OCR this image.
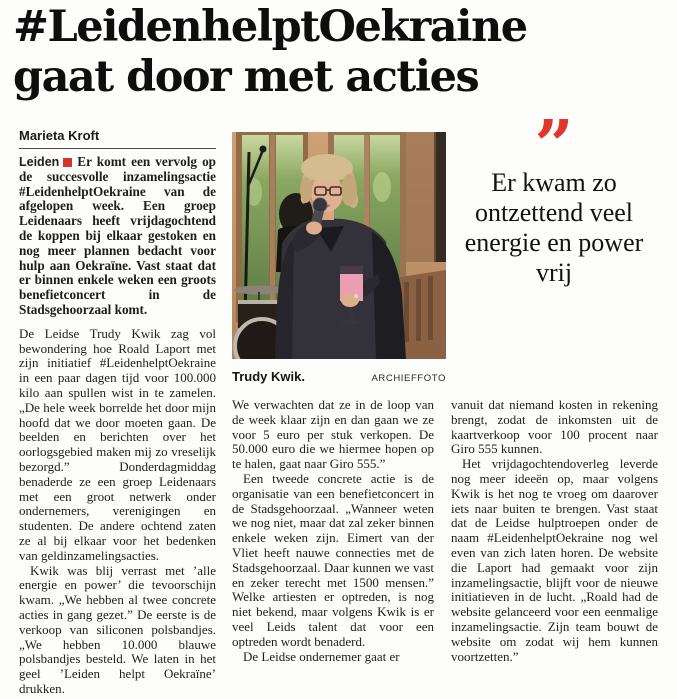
#LeidenhelptOekraine
gaat door met acties
Marieta Kroft

Leiden Er komt een vervolg op de succesvolle inzamelingsactie #LeidenhelptOekraine van de afgelopen week. Een groep Leidenaars heeft vrijdagochtend de koppen bij elkaar gestoken en nog meer plannen bedacht voor hulp aan Oekraïne. Vast staat dat er binnen enkele weken een groots benefietconcert in de Stadsgehoorzaal komt.

De Leidse Trudy Kwik zag vol bewondering hoe Roald Laport met zijn initiatief #LeidenhelptOekraine in een paar dagen tijd voor 100.000 kilo aan spullen wist in te zamelen. „De hele week borrelde het door mijn hoofd dat we door moeten gaan. De beelden en berichten over het oorlogsgebied maken mij zo vreselijk bezorgd.” Donderdagmiddag benaderde ze een groep Leidenaars met een groot netwerk onder ondernemers, verenigingen en studenten. De andere ochtend zaten ze al bij elkaar voor het bedenken van geldinzamelingsacties.

Kwik was blij verrast met ’alle energie en power’ die tevoorschijn kwam. „We hebben al twee concrete acties in gang gezet.” De eerste is de verkoop van siliconen polsbandjes. „We hebben 10.000 blauwe polsbandjes besteld. We laten in het geel ’Leiden helpt Oekraïne’ drukken.

Trudy Kwik.	ARCHIEFFOTO

We verwachten dat ze in de loop van de week klaar zijn en dan gaan we ze voor 5 euro per stuk verkopen. De 50.000 euro die we hiermee hopen op te halen, gaat naar Giro 555.”

Een tweede concrete actie is de organisatie van een benefietconcert in de Stadsgehoorzaal. „Wanneer weten we nog niet, maar dat zal zeker binnen enkele weken zijn. Eimert van der Vliet heeft nauwe connecties met de Stadsgehoorzaal. Daar kunnen we vast en zeker terecht met 1500 mensen.” Welke artiesten er optreden, is nog niet bekend, maar volgens Kwik is er veel Leids talent dat voor een optreden wordt benaderd.

De Leidse ondernemer gaat er

”
Er kwam zo ontzettend veel energie en power vrij

vanuit dat niemand kosten in rekening brengt, zodat de inkomsten uit de kaartverkoop voor 100 procent naar Giro 555 kunnen.

Het vrijdagochtendoverleg leverde nog meer ideeën op, maar volgens Kwik is het nog te vroeg om daarover iets naar buiten te brengen. Vast staat dat de Leidse hulptroepen onder de naam #LeidenhelptOekraine nog wel even van zich laten horen. De website die Laport had gemaakt voor zijn inzamelingsactie, blijft voor de nieuwe initiatieven in de lucht. „Roald had de website gelanceerd voor een eenmalige inzamelingsactie. Zijn team bouwt de website om zodat wij hem kunnen voortzetten.”
